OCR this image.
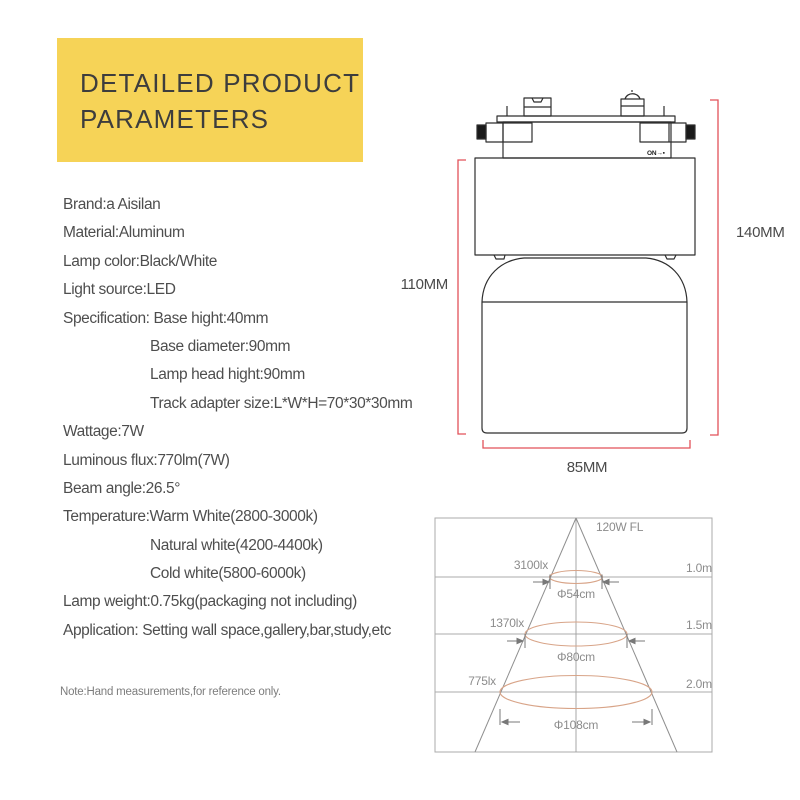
DETAILED PRODUCT
PARAMETERS
Brand:a Aisilan
Material:Aluminum
Lamp color:Black/White
Light source:LED
Specification: Base hight:40mm
Base diameter:90mm
Lamp head hight:90mm
Track adapter size:L*W*H=70*30*30mm
Wattage:7W
Luminous flux:770lm(7W)
Beam angle:26.5°
Temperature:Warm White(2800-3000k)
Natural white(4200-4400k)
Cold white(5800-6000k)
Lamp weight:0.75kg(packaging not including)
Application: Setting wall space,gallery,bar,study,etc
Note:Hand measurements,for reference only.
ON→▪
140MM
110MM
85MM
120W FL
3100lx	1.0m
Φ54cm
1370lx	1.5m
Φ80cm
775lx	2.0m
Φ108cm
